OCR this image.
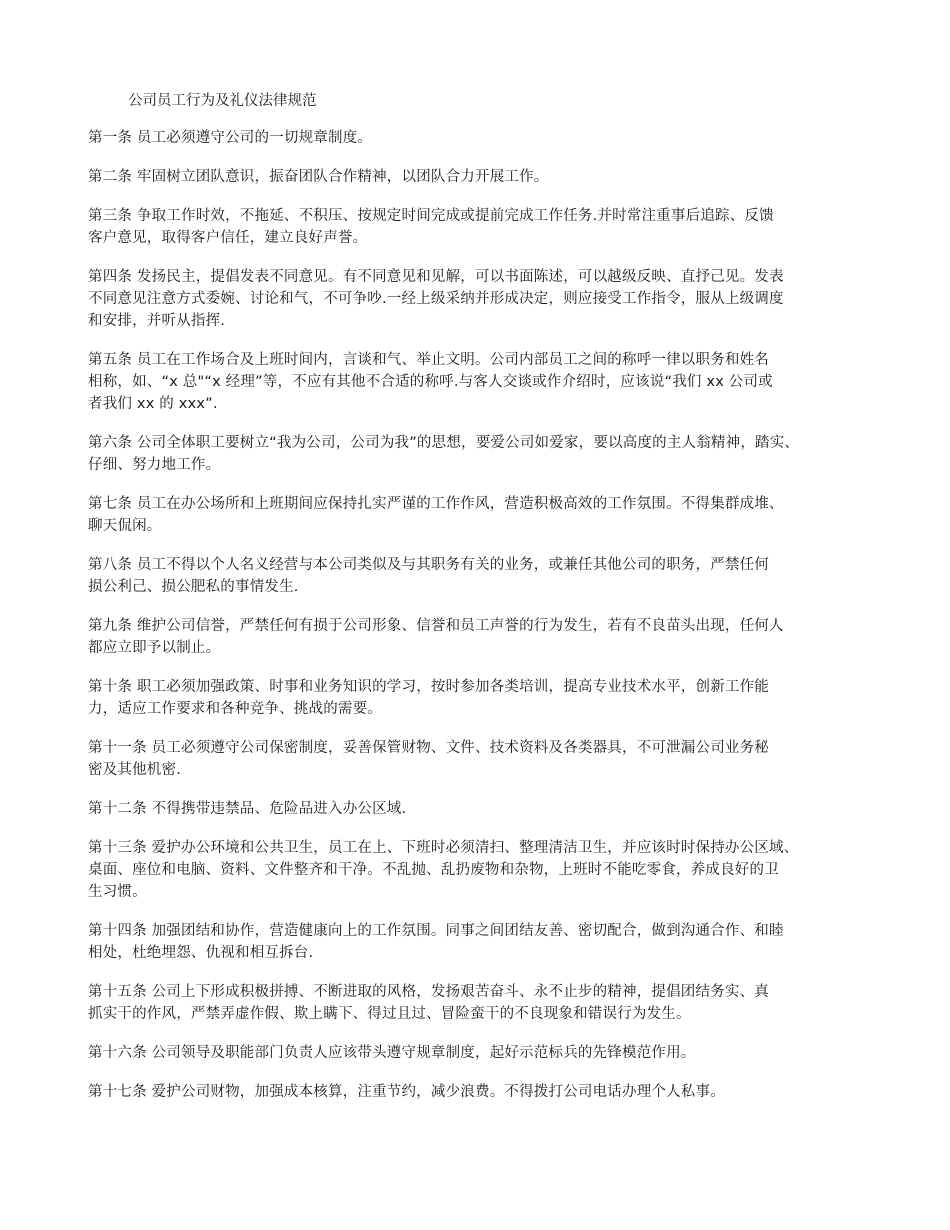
公司员工行为及礼仪法律规范
第一条 员工必须遵守公司的一切规章制度。
第二条 牢固树立团队意识，振奋团队合作精神，以团队合力开展工作。
第三条 争取工作时效，不拖延、不积压、按规定时间完成或提前完成工作任务.并时常注重事后追踪、反馈
客户意见，取得客户信任，建立良好声誉。
第四条 发扬民主，提倡发表不同意见。有不同意见和见解，可以书面陈述，可以越级反映、直抒己见。发表
不同意见注意方式委婉、讨论和气，不可争吵.一经上级采纳并形成决定，则应接受工作指令，服从上级调度
和安排，并听从指挥.
第五条 员工在工作场合及上班时间内，言谈和气、举止文明。公司内部员工之间的称呼一律以职务和姓名
相称，如、“x 总"“x 经理”等，不应有其他不合适的称呼.与客人交谈或作介绍时，应该说“我们 xx 公司或
者我们 xx 的 xxx”.
第六条 公司全体职工要树立“我为公司，公司为我”的思想，要爱公司如爱家，要以高度的主人翁精神，踏实、
仔细、努力地工作。
第七条 员工在办公场所和上班期间应保持扎实严谨的工作作风，营造积极高效的工作氛围。不得集群成堆、
聊天侃闲。
第八条 员工不得以个人名义经营与本公司类似及与其职务有关的业务，或兼任其他公司的职务，严禁任何
损公利己、损公肥私的事情发生.
第九条 维护公司信誉，严禁任何有损于公司形象、信誉和员工声誉的行为发生，若有不良苗头出现，任何人
都应立即予以制止。
第十条 职工必须加强政策、时事和业务知识的学习，按时参加各类培训，提高专业技术水平，创新工作能
力，适应工作要求和各种竞争、挑战的需要。
第十一条 员工必须遵守公司保密制度，妥善保管财物、文件、技术资料及各类器具，不可泄漏公司业务秘
密及其他机密.
第十二条 不得携带违禁品、危险品进入办公区域.
第十三条 爱护办公环境和公共卫生，员工在上、下班时必须清扫、整理清洁卫生，并应该时时保持办公区域、
桌面、座位和电脑、资料、文件整齐和干净。不乱抛、乱扔废物和杂物，上班时不能吃零食，养成良好的卫
生习惯。
第十四条 加强团结和协作，营造健康向上的工作氛围。同事之间团结友善、密切配合，做到沟通合作、和睦
相处，杜绝埋怨、仇视和相互拆台.
第十五条 公司上下形成积极拼搏、不断进取的风格，发扬艰苦奋斗、永不止步的精神，提倡团结务实、真
抓实干的作风，严禁弄虚作假、欺上瞒下、得过且过、冒险蛮干的不良现象和错误行为发生。
第十六条 公司领导及职能部门负责人应该带头遵守规章制度，起好示范标兵的先锋模范作用。
第十七条 爱护公司财物，加强成本核算，注重节约，减少浪费。不得拨打公司电话办理个人私事。
